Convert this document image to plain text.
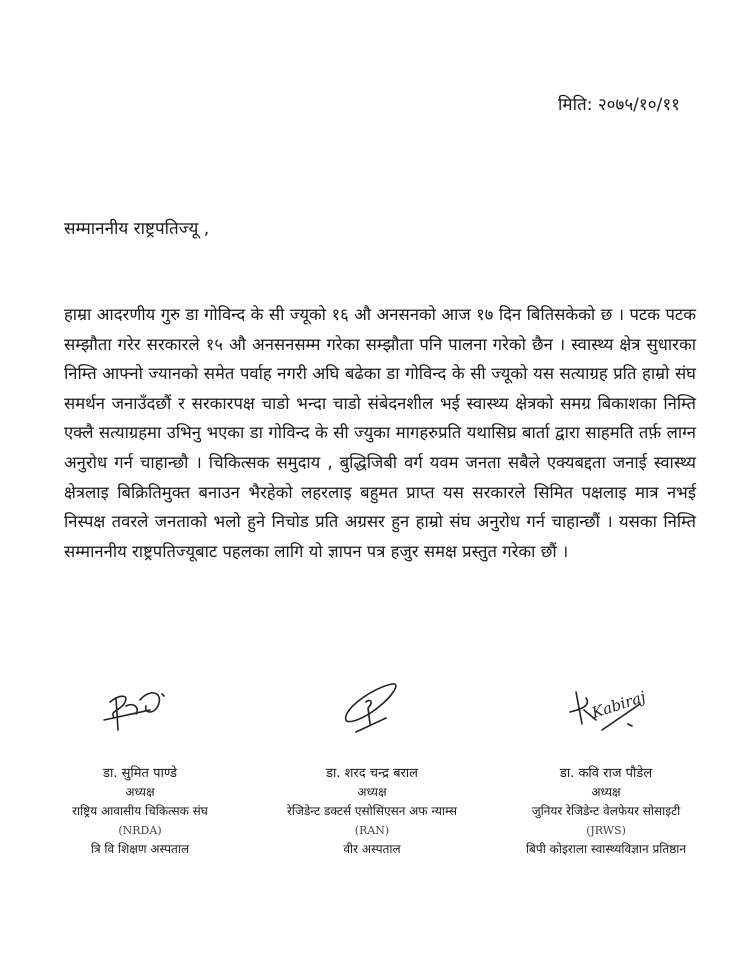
मिति: २०७५/१०/११
सम्माननीय राष्ट्रपतिज्यू ,
हाम्रा आदरणीय गुरु डा गोविन्द के सी ज्यूको १६ औ अनसनको आज १७ दिन बितिसकेको छ । पटक पटक सम्झौता गरेर सरकारले १५ औ अनसनसम्म गरेका सम्झौता पनि पालना गरेको छैन । स्वास्थ्य क्षेत्र सुधारका निम्ति आफ्नो ज्यानको समेत पर्वाह नगरी अघि बढेका डा गोविन्द के सी ज्यूको यस सत्याग्रह प्रति हाम्रो संघ समर्थन जनाउँदछौं र सरकारपक्ष चाडो भन्दा चाडो संबेदनशील भई स्वास्थ्य क्षेत्रको समग्र बिकाशका निम्ति एक्लै सत्याग्रहमा उभिनु भएका डा गोविन्द के सी ज्युका मागहरुप्रति यथासिघ्र बार्ता द्वारा साहमति तर्फ़ लाग्न अनुरोध गर्न चाहान्छौ । चिकित्सक समुदाय , बुद्धिजिबी वर्ग यवम जनता सबैले एक्यबद्दता जनाई स्वास्थ्य क्षेत्रलाइ बिक्रितिमुक्त बनाउन भैरहेको लहरलाइ बहुमत प्राप्त यस सरकारले सिमित पक्षलाइ मात्र नभई निस्पक्ष तवरले जनताको भलो हुने निचोड प्रति अग्रसर हुन हाम्रो संघ अनुरोध गर्न चाहान्छौं । यसका निम्ति सम्माननीय राष्ट्रपतिज्यूबाट पहलका लागि यो ज्ञापन पत्र हजुर समक्ष प्रस्तुत गरेका छौं ।
डा. सुमित पाण्डे
अध्यक्ष
राष्ट्रिय आवासीय चिकित्सक संघ
(NRDA)
त्रि वि शिक्षण अस्पताल
डा. शरद चन्द्र बराल
अध्यक्ष
रेजिडेन्ट डक्टर्स एसोसिएसन अफ न्याम्स
(RAN)
वीर अस्पताल
Kabiraj
डा. कवि राज पौडेल
अध्यक्ष
जुनियर रेजिडेन्ट वेलफेयर सोसाइटी
(JRWS)
बिपी कोइराला स्वास्थ्यविज्ञान प्रतिष्ठान
